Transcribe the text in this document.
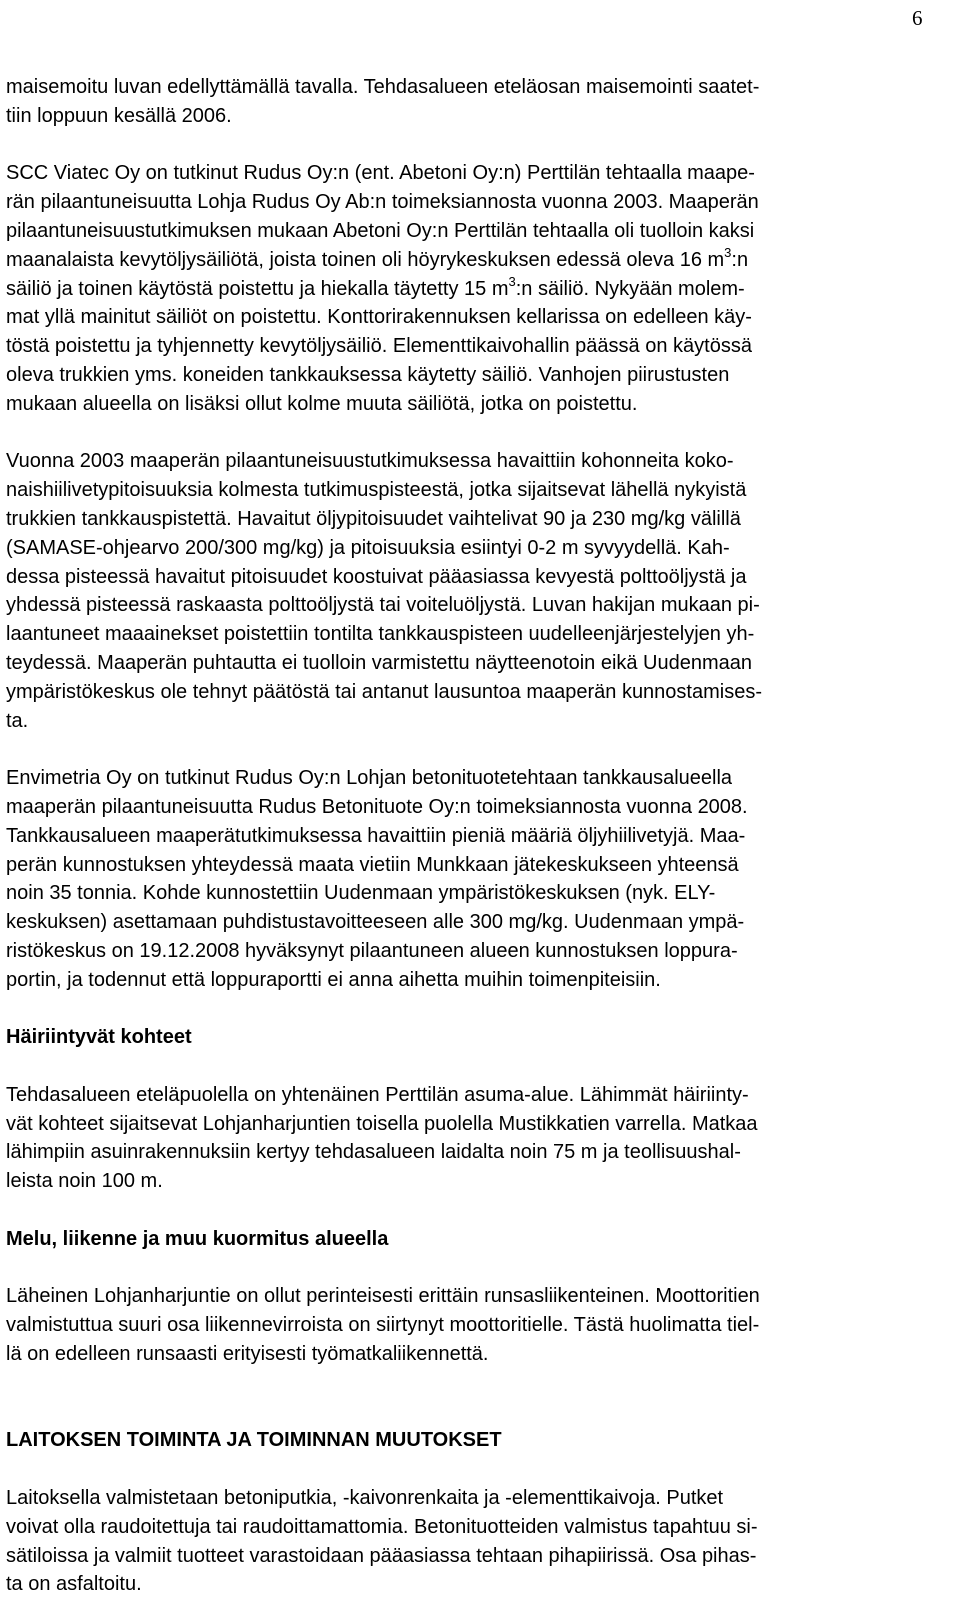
6
maisemoitu luvan edellyttämällä tavalla. Tehdasalueen eteläosan maisemointi saatet-
tiin loppuun kesällä 2006.
SCC Viatec Oy on tutkinut Rudus Oy:n (ent. Abetoni Oy:n) Perttilän tehtaalla maape-
rän pilaantuneisuutta Lohja Rudus Oy Ab:n toimeksiannosta vuonna 2003. Maaperän
pilaantuneisuustutkimuksen mukaan Abetoni Oy:n Perttilän tehtaalla oli tuolloin kaksi
maanalaista kevytöljysäiliötä, joista toinen oli höyrykeskuksen edessä oleva 16 $m^3:n$
säiliö ja toinen käytöstä poistettu ja hiekalla täytetty 15 $m^3:n$ säiliö. Nykyään molem-
mat yllä mainitut säiliöt on poistettu. Konttorirakennuksen kellarissa on edelleen käy-
töstä poistettu ja tyhjennetty kevytöljysäiliö. Elementtikaivohallin päässä on käytössä
oleva trukkien yms. koneiden tankkauksessa käytetty säiliö. Vanhojen piirustusten
mukaan alueella on lisäksi ollut kolme muuta säiliötä, jotka on poistettu.
Vuonna 2003 maaperän pilaantuneisuustutkimuksessa havaittiin kohonneita koko-
naishiilivetypitoisuuksia kolmesta tutkimuspisteestä, jotka sijaitsevat lähellä nykyistä
trukkien tankkauspistettä. Havaitut öljypitoisuudet vaihtelivat 90 ja 230 mg/kg välillä
(SAMASE-ohjearvo 200/300 mg/kg) ja pitoisuuksia esiintyi 0-2 m syvyydellä. Kah-
dessa pisteessä havaitut pitoisuudet koostuivat pääasiassa kevyestä polttoöljystä ja
yhdessä pisteessä raskaasta polttoöljystä tai voiteluöljystä. Luvan hakijan mukaan pi-
laantuneet maaainekset poistettiin tontilta tankkauspisteen uudelleenjärjestelyjen yh-
teydessä. Maaperän puhtautta ei tuolloin varmistettu näytteenotoin eikä Uudenmaan
ympäristökeskus ole tehnyt päätöstä tai antanut lausuntoa maaperän kunnostamises-
ta.
Envimetria Oy on tutkinut Rudus Oy:n Lohjan betonituotetehtaan tankkausalueella
maaperän pilaantuneisuutta Rudus Betonituote Oy:n toimeksiannosta vuonna 2008.
Tankkausalueen maaperätutkimuksessa havaittiin pieniä määriä öljyhiilivetyjä. Maa-
perän kunnostuksen yhteydessä maata vietiin Munkkaan jätekeskukseen yhteensä
noin 35 tonnia. Kohde kunnostettiin Uudenmaan ympäristökeskuksen (nyk. ELY-
keskuksen) asettamaan puhdistustavoitteeseen alle 300 mg/kg. Uudenmaan ympä-
ristökeskus on 19.12.2008 hyväksynyt pilaantuneen alueen kunnostuksen loppura-
portin, ja todennut että loppuraportti ei anna aihetta muihin toimenpiteisiin.
Häiriintyvät kohteet
Tehdasalueen eteläpuolella on yhtenäinen Perttilän asuma-alue. Lähimmät häiriinty-
vät kohteet sijaitsevat Lohjanharjuntien toisella puolella Mustikkatien varrella. Matkaa
lähimpiin asuinrakennuksiin kertyy tehdasalueen laidalta noin 75 m ja teollisuushal-
leista noin 100 m.
Melu, liikenne ja muu kuormitus alueella
Läheinen Lohjanharjuntie on ollut perinteisesti erittäin runsasliikenteinen. Moottoritien
valmistuttua suuri osa liikennevirroista on siirtynyt moottoritielle. Tästä huolimatta tiel-
lä on edelleen runsaasti erityisesti työmatkaliikennettä.
LAITOKSEN TOIMINTA JA TOIMINNAN MUUTOKSET
Laitoksella valmistetaan betoniputkia, -kaivonrenkaita ja -elementtikaivoja. Putket
voivat olla raudoitettuja tai raudoittamattomia. Betonituotteiden valmistus tapahtuu si-
sätiloissa ja valmiit tuotteet varastoidaan pääasiassa tehtaan pihapiirissä. Osa pihas-
ta on asfaltoitu.
